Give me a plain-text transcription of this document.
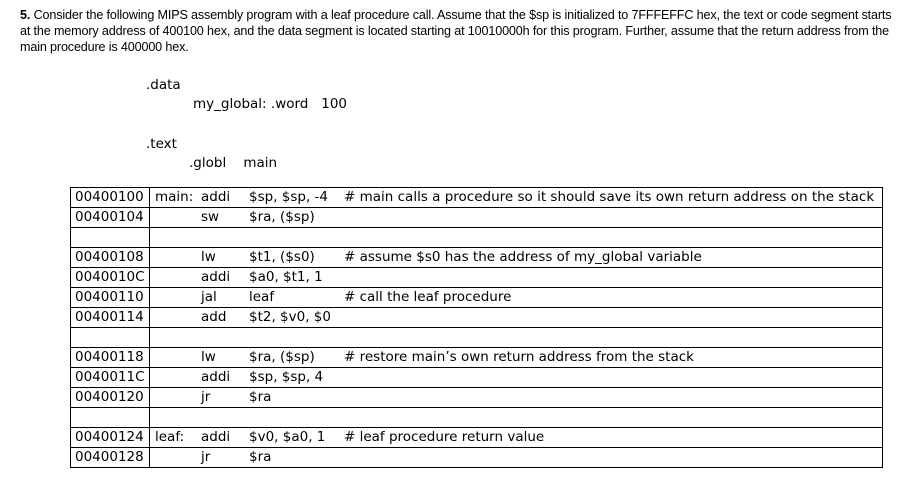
5. Consider the following MIPS assembly program with a leaf procedure call. Assume that the $sp is initialized to 7FFFEFFC hex, the text or code segment starts at the memory address of 400100 hex, and the data segment is located starting at 10010000h for this program. Further, assume that the return address from the main procedure is 400000 hex.
.data
my_global: .word   100
.text
.globl    main
00400100	main: addi $sp, $sp, -4 # main calls a procedure so it should save its own return address on the stack

00400104	sw $ra, ($sp)

00400108	lw $t1, ($s0) # assume $s0 has the address of my_global variable

0040010C	addi $a0, $t1, 1

00400110	jal leaf # call the leaf procedure

00400114	add $t2, $v0, $0

00400118	lw $ra, ($sp) # restore main’s own return address from the stack

0040011C	addi $sp, $sp, 4

00400120	jr $ra

00400124	leaf: addi $v0, $a0, 1 # leaf procedure return value

00400128	jr $ra
